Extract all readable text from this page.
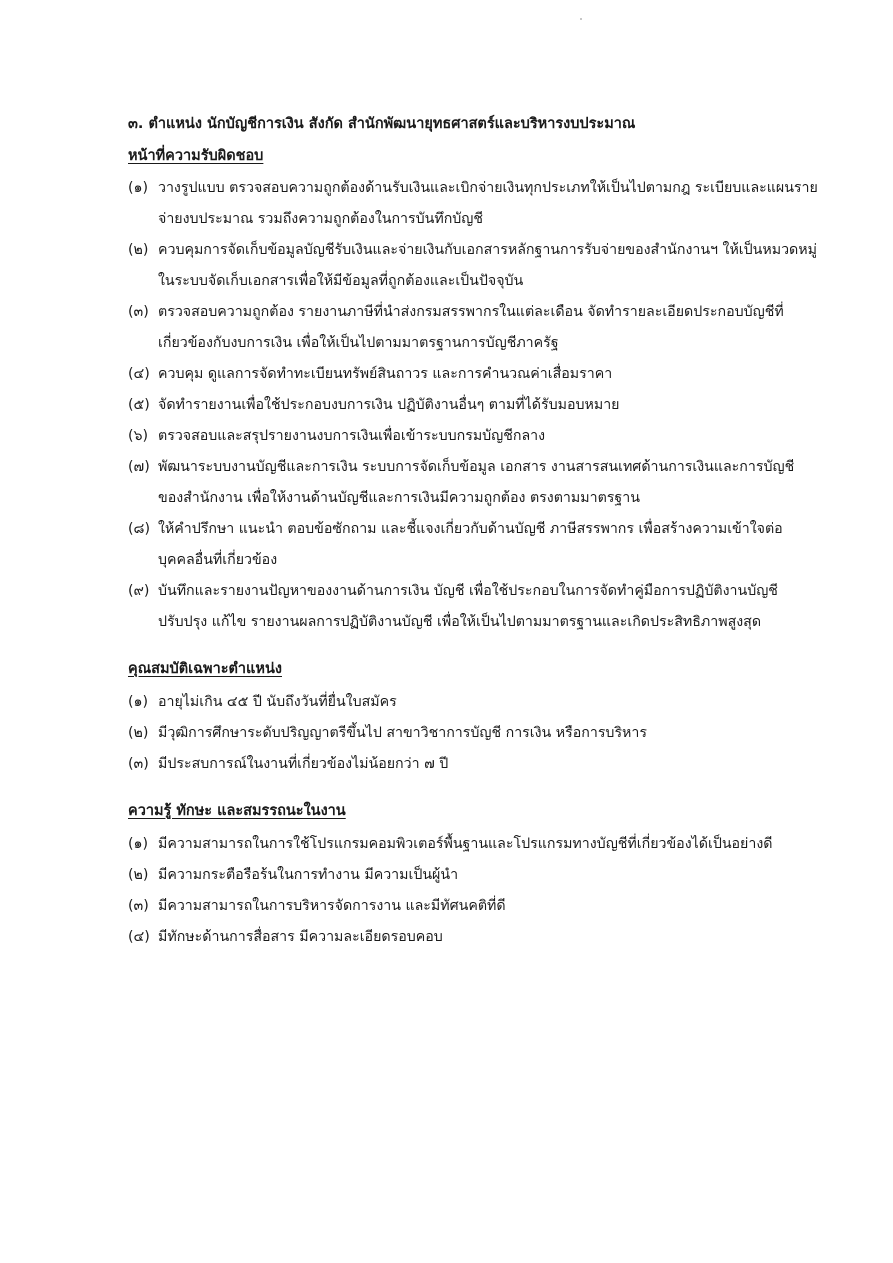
๓. ตำแหน่ง นักบัญชีการเงิน สังกัด สำนักพัฒนายุทธศาสตร์และบริหารงบประมาณ
หน้าที่ความรับผิดชอบ
(๑) วางรูปแบบ ตรวจสอบความถูกต้องด้านรับเงินและเบิกจ่ายเงินทุกประเภทให้เป็นไปตามกฎ ระเบียบและแผนรายจ่ายงบประมาณ รวมถึงความถูกต้องในการบันทึกบัญชี
(๒) ควบคุมการจัดเก็บข้อมูลบัญชีรับเงินและจ่ายเงินกับเอกสารหลักฐานการรับจ่ายของสำนักงานฯ ให้เป็นหมวดหมู่ในระบบจัดเก็บเอกสารเพื่อให้มีข้อมูลที่ถูกต้องและเป็นปัจจุบัน
(๓) ตรวจสอบความถูกต้อง รายงานภาษีที่นำส่งกรมสรรพากรในแต่ละเดือน จัดทำรายละเอียดประกอบบัญชีที่เกี่ยวข้องกับงบการเงิน เพื่อให้เป็นไปตามมาตรฐานการบัญชีภาครัฐ
(๔) ควบคุม ดูแลการจัดทำทะเบียนทรัพย์สินถาวร และการคำนวณค่าเสื่อมราคา
(๕) จัดทำรายงานเพื่อใช้ประกอบงบการเงิน ปฏิบัติงานอื่นๆ ตามที่ได้รับมอบหมาย
(๖) ตรวจสอบและสรุปรายงานงบการเงินเพื่อเข้าระบบกรมบัญชีกลาง
(๗) พัฒนาระบบงานบัญชีและการเงิน ระบบการจัดเก็บข้อมูล เอกสาร งานสารสนเทศด้านการเงินและการบัญชีของสำนักงาน เพื่อให้งานด้านบัญชีและการเงินมีความถูกต้อง ตรงตามมาตรฐาน
(๘) ให้คำปรึกษา แนะนำ ตอบข้อซักถาม และชี้แจงเกี่ยวกับด้านบัญชี ภาษีสรรพากร เพื่อสร้างความเข้าใจต่อบุคคลอื่นที่เกี่ยวข้อง
(๙) บันทึกและรายงานปัญหาของงานด้านการเงิน บัญชี เพื่อใช้ประกอบในการจัดทำคู่มือการปฏิบัติงานบัญชีปรับปรุง แก้ไข รายงานผลการปฏิบัติงานบัญชี เพื่อให้เป็นไปตามมาตรฐานและเกิดประสิทธิภาพสูงสุด
คุณสมบัติเฉพาะตำแหน่ง
(๑) อายุไม่เกิน ๔๕ ปี นับถึงวันที่ยื่นใบสมัคร
(๒) มีวุฒิการศึกษาระดับปริญญาตรีขึ้นไป สาขาวิชาการบัญชี การเงิน หรือการบริหาร
(๓) มีประสบการณ์ในงานที่เกี่ยวข้องไม่น้อยกว่า ๗ ปี
ความรู้ ทักษะ และสมรรถนะในงาน
(๑) มีความสามารถในการใช้โปรแกรมคอมพิวเตอร์พื้นฐานและโปรแกรมทางบัญชีที่เกี่ยวข้องได้เป็นอย่างดี
(๒) มีความกระตือรือร้นในการทำงาน มีความเป็นผู้นำ
(๓) มีความสามารถในการบริหารจัดการงาน และมีทัศนคติที่ดี
(๔) มีทักษะด้านการสื่อสาร มีความละเอียดรอบคอบ
